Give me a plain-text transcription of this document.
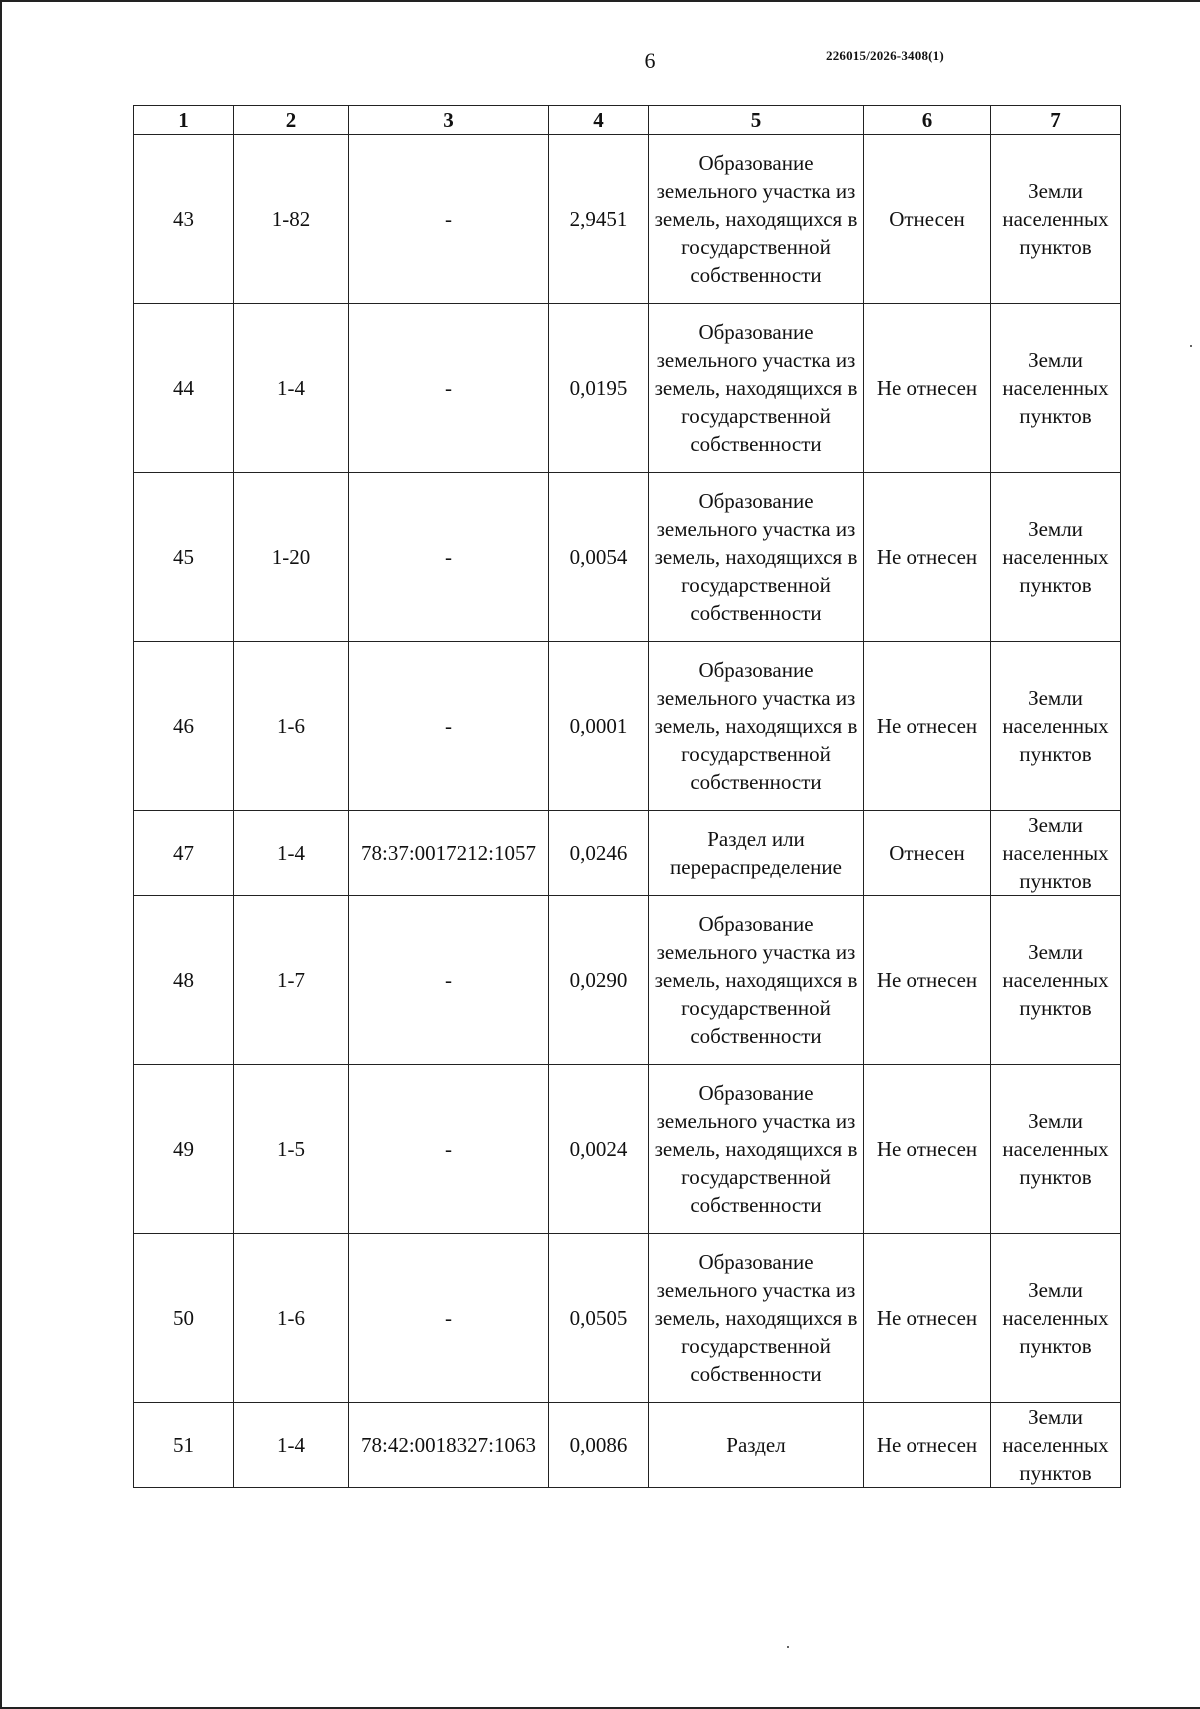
6	226015/2026-3408(1)
1	2	3	4	5	6	7
43	1-82	-	2,9451	Образование земельного участка из земель, находящихся в государственной собственности	Отнесен	Земли населенных пунктов
44	1-4	-	0,0195	Образование земельного участка из земель, находящихся в государственной собственности	Не отнесен	Земли населенных пунктов
45	1-20	-	0,0054	Образование земельного участка из земель, находящихся в государственной собственности	Не отнесен	Земли населенных пунктов
46	1-6	-	0,0001	Образование земельного участка из земель, находящихся в государственной собственности	Не отнесен	Земли населенных пунктов
47	1-4	78:37:0017212:1057	0,0246	Раздел или перераспределение	Отнесен	Земли населенных пунктов
48	1-7	-	0,0290	Образование земельного участка из земель, находящихся в государственной собственности	Не отнесен	Земли населенных пунктов
49	1-5	-	0,0024	Образование земельного участка из земель, находящихся в государственной собственности	Не отнесен	Земли населенных пунктов
50	1-6	-	0,0505	Образование земельного участка из земель, находящихся в государственной собственности	Не отнесен	Земли населенных пунктов
51	1-4	78:42:0018327:1063	0,0086	Раздел	Не отнесен	Земли населенных пунктов
